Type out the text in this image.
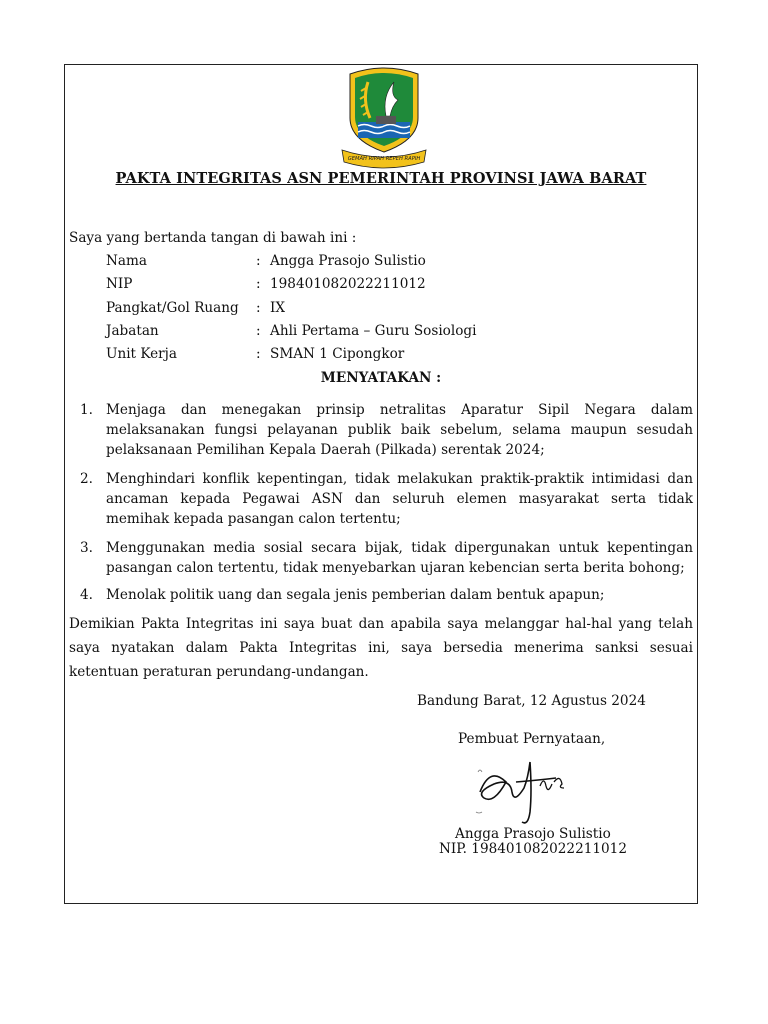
GEMAH RIPAH REPEH RAPIH
PAKTA INTEGRITAS ASN PEMERINTAH PROVINSI JAWA BARAT
Saya yang bertanda tangan di bawah ini :
Nama	: Angga Prasojo Sulistio
NIP	: 198401082022211012
Pangkat/Gol Ruang : IX
Jabatan	: Ahli Pertama – Guru Sosiologi
Unit Kerja	: SMAN 1 Cipongkor
MENYATAKAN :
1. Menjaga dan menegakan prinsip netralitas Aparatur Sipil Negara dalam
melaksanakan fungsi pelayanan publik baik sebelum, selama maupun sesudah
pelaksanaan Pemilihan Kepala Daerah (Pilkada) serentak 2024;
2. Menghindari konflik kepentingan, tidak melakukan praktik-praktik intimidasi dan
ancaman kepada Pegawai ASN dan seluruh elemen masyarakat serta tidak
memihak kepada pasangan calon tertentu;
3. Menggunakan media sosial secara bijak, tidak dipergunakan untuk kepentingan
pasangan calon tertentu, tidak menyebarkan ujaran kebencian serta berita bohong;
4. Menolak politik uang dan segala jenis pemberian dalam bentuk apapun;
Demikian Pakta Integritas ini saya buat dan apabila saya melanggar hal-hal yang telah
saya nyatakan dalam Pakta Integritas ini, saya bersedia menerima sanksi sesuai
ketentuan peraturan perundang-undangan.
Bandung Barat, 12 Agustus 2024
Pembuat Pernyataan,
Angga Prasojo Sulistio
NIP. 198401082022211012
